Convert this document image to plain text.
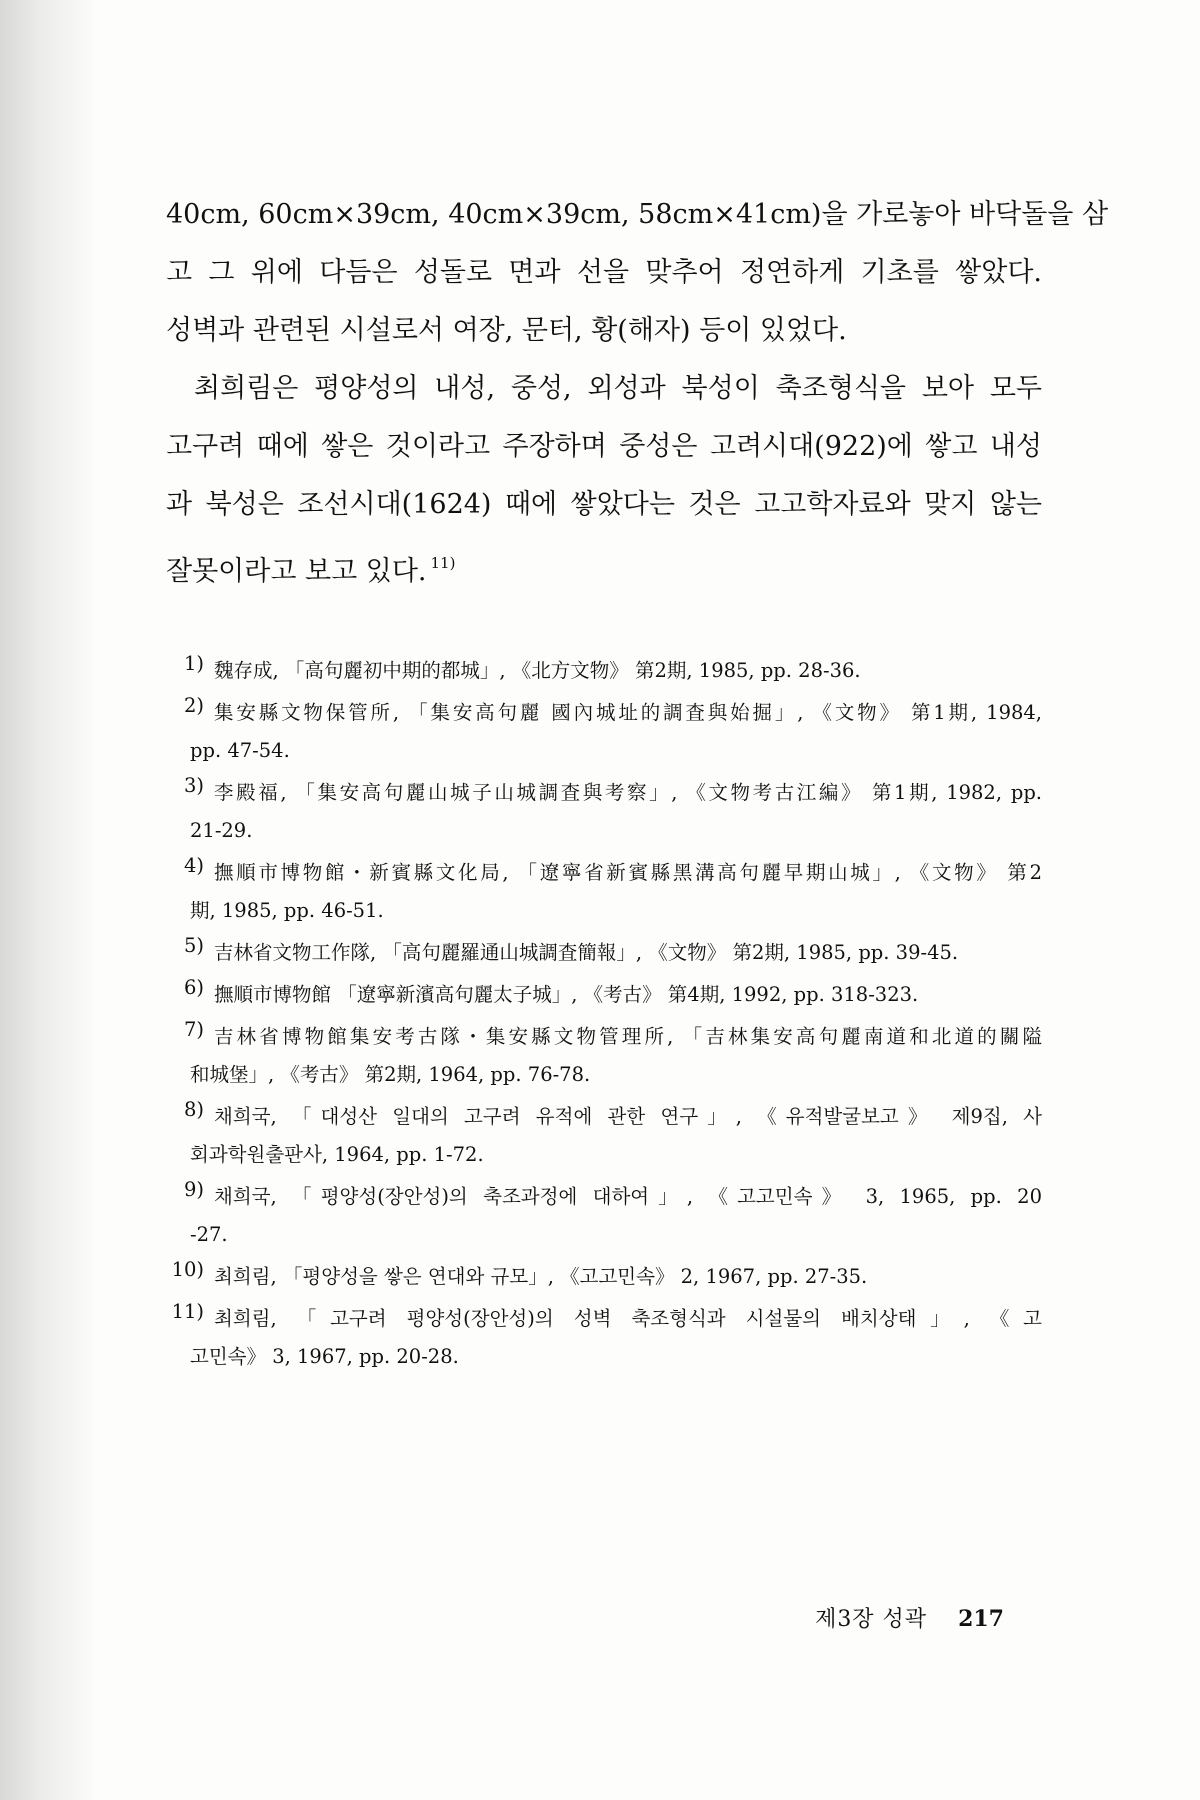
40cm, 60cm×39cm, 40cm×39cm, 58cm×41cm)을 가로놓아 바닥돌을 삼
고 그 위에 다듬은 성돌로 면과 선을 맞추어 정연하게 기초를 쌓았다.
성벽과 관련된 시설로서 여장, 문터, 황(해자) 등이 있었다.
최희림은 평양성의 내성, 중성, 외성과 북성이 축조형식을 보아 모두
고구려 때에 쌓은 것이라고 주장하며 중성은 고려시대(922)에 쌓고 내성
과 북성은 조선시대(1624) 때에 쌓았다는 것은 고고학자료와 맞지 않는
잘못이라고 보고 있다. $^{11)}$
1) 魏存成, 「高句麗初中期的都城」, 《北方文物》 第2期, 1985, pp. 28-36.
2) 集安縣文物保管所, 「集安高句麗 國內城址的調査與始掘」, 《文物》 第1期, 1984,
pp. 47-54.
3) 李殿福, 「集安高句麗山城子山城調査與考察」, 《文物考古江編》 第1期, 1982, pp.
21-29.
4) 撫順市博物館・新賓縣文化局, 「遼寧省新賓縣黑溝高句麗早期山城」, 《文物》 第2
期, 1985, pp. 46-51.
5) 吉林省文物工作隊, 「高句麗羅通山城調査簡報」, 《文物》 第2期, 1985, pp. 39-45.
6) 撫順市博物館 「遼寧新濱高句麗太子城」, 《考古》 第4期, 1992, pp. 318-323.
7) 吉林省博物館集安考古隊・集安縣文物管理所, 「吉林集安高句麗南道和北道的關隘
和城堡」, 《考古》 第2期, 1964, pp. 76-78.
8) 채희국, 「대성산 일대의 고구려 유적에 관한 연구」, 《유적발굴보고》 제9집, 사
회과학원출판사, 1964, pp. 1-72.
9) 채희국, 「평양성(장안성)의 축조과정에 대하여」, 《고고민속》 3, 1965, pp. 20
-27.
10) 최희림, 「평양성을 쌓은 연대와 규모」, 《고고민속》 2, 1967, pp. 27-35.
11) 최희림, 「고구려 평양성(장안성)의 성벽 축조형식과 시설물의 배치상태」, 《고
고민속》 3, 1967, pp. 20-28.
제3장 성곽 217
